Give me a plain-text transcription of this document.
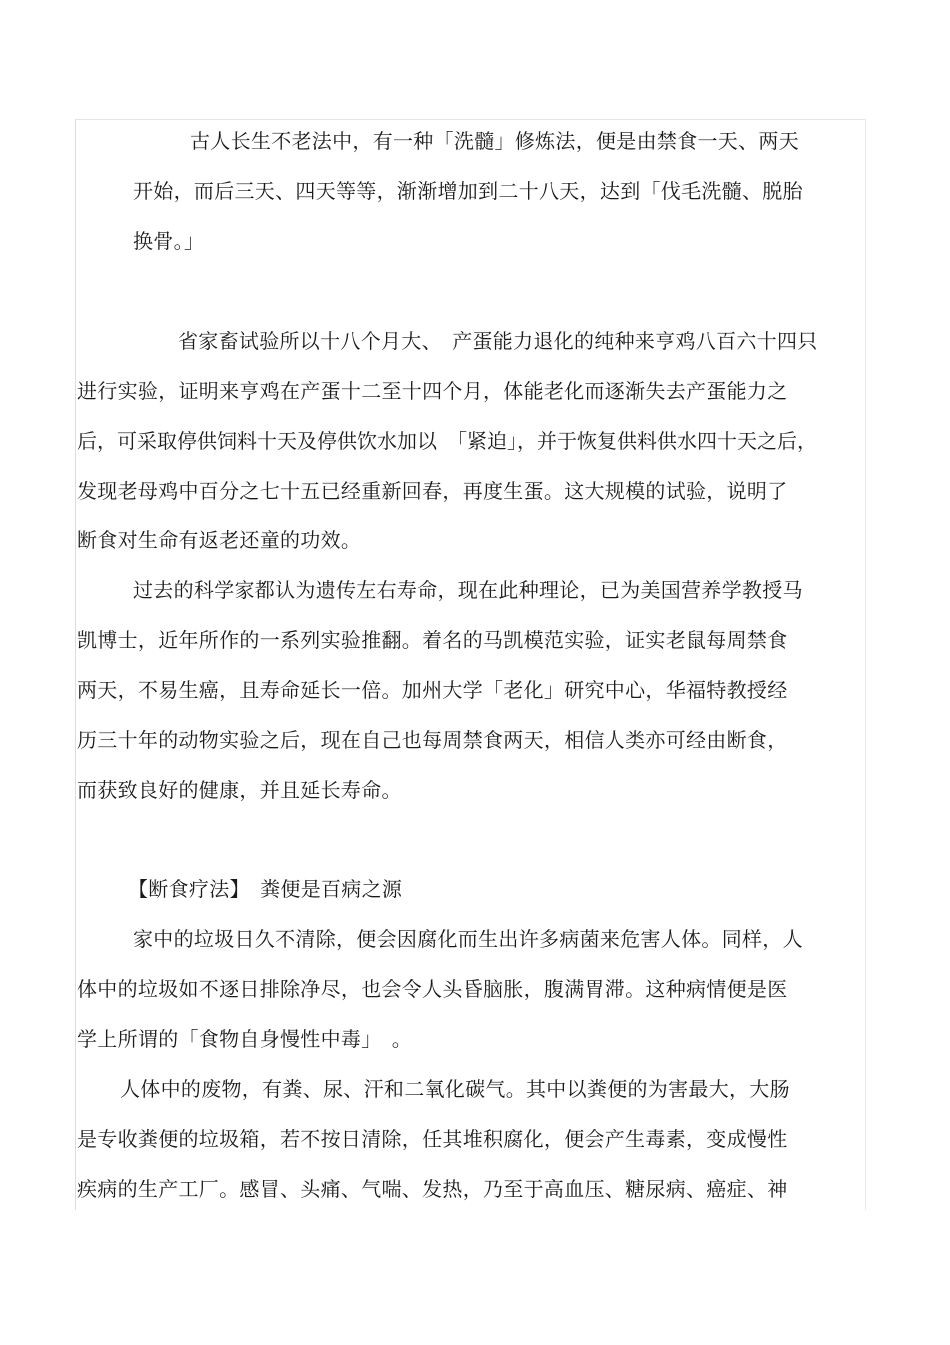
古人长生不老法中，有一种「洗髓」修炼法，便是由禁食一天、两天
开始，而后三天、四天等等，渐渐增加到二十八天，达到「伐毛洗髓、脱胎
换骨。」
省家畜试验所以十八个月大、　产蛋能力退化的纯种来亨鸡八百六十四只
进行实验，证明来亨鸡在产蛋十二至十四个月，体能老化而逐渐失去产蛋能力之
后，可采取停供饲料十天及停供饮水加以　「紧迫」，并于恢复供料供水四十天之后，
发现老母鸡中百分之七十五已经重新回春，再度生蛋。这大规模的试验，说明了
断食对生命有返老还童的功效。
过去的科学家都认为遗传左右寿命，现在此种理论，已为美国营养学教授马
凯博士，近年所作的一系列实验推翻。着名的马凯模范实验，证实老鼠每周禁食
两天，不易生癌，且寿命延长一倍。加州大学「老化」研究中心，华福特教授经
历三十年的动物实验之后，现在自己也每周禁食两天，相信人类亦可经由断食，
而获致良好的健康，并且延长寿命。
【断食疗法】　粪便是百病之源
家中的垃圾日久不清除，便会因腐化而生出许多病菌来危害人体。同样，人
体中的垃圾如不逐日排除净尽，也会令人头昏脑胀，腹满胃滞。这种病情便是医
学上所谓的「食物自身慢性中毒」　。
人体中的废物，有粪、尿、汗和二氧化碳气。其中以粪便的为害最大，大肠
是专收粪便的垃圾箱，若不按日清除，任其堆积腐化，便会产生毒素，变成慢性
疾病的生产工厂。感冒、头痛、气喘、发热，乃至于高血压、糖尿病、癌症、神
